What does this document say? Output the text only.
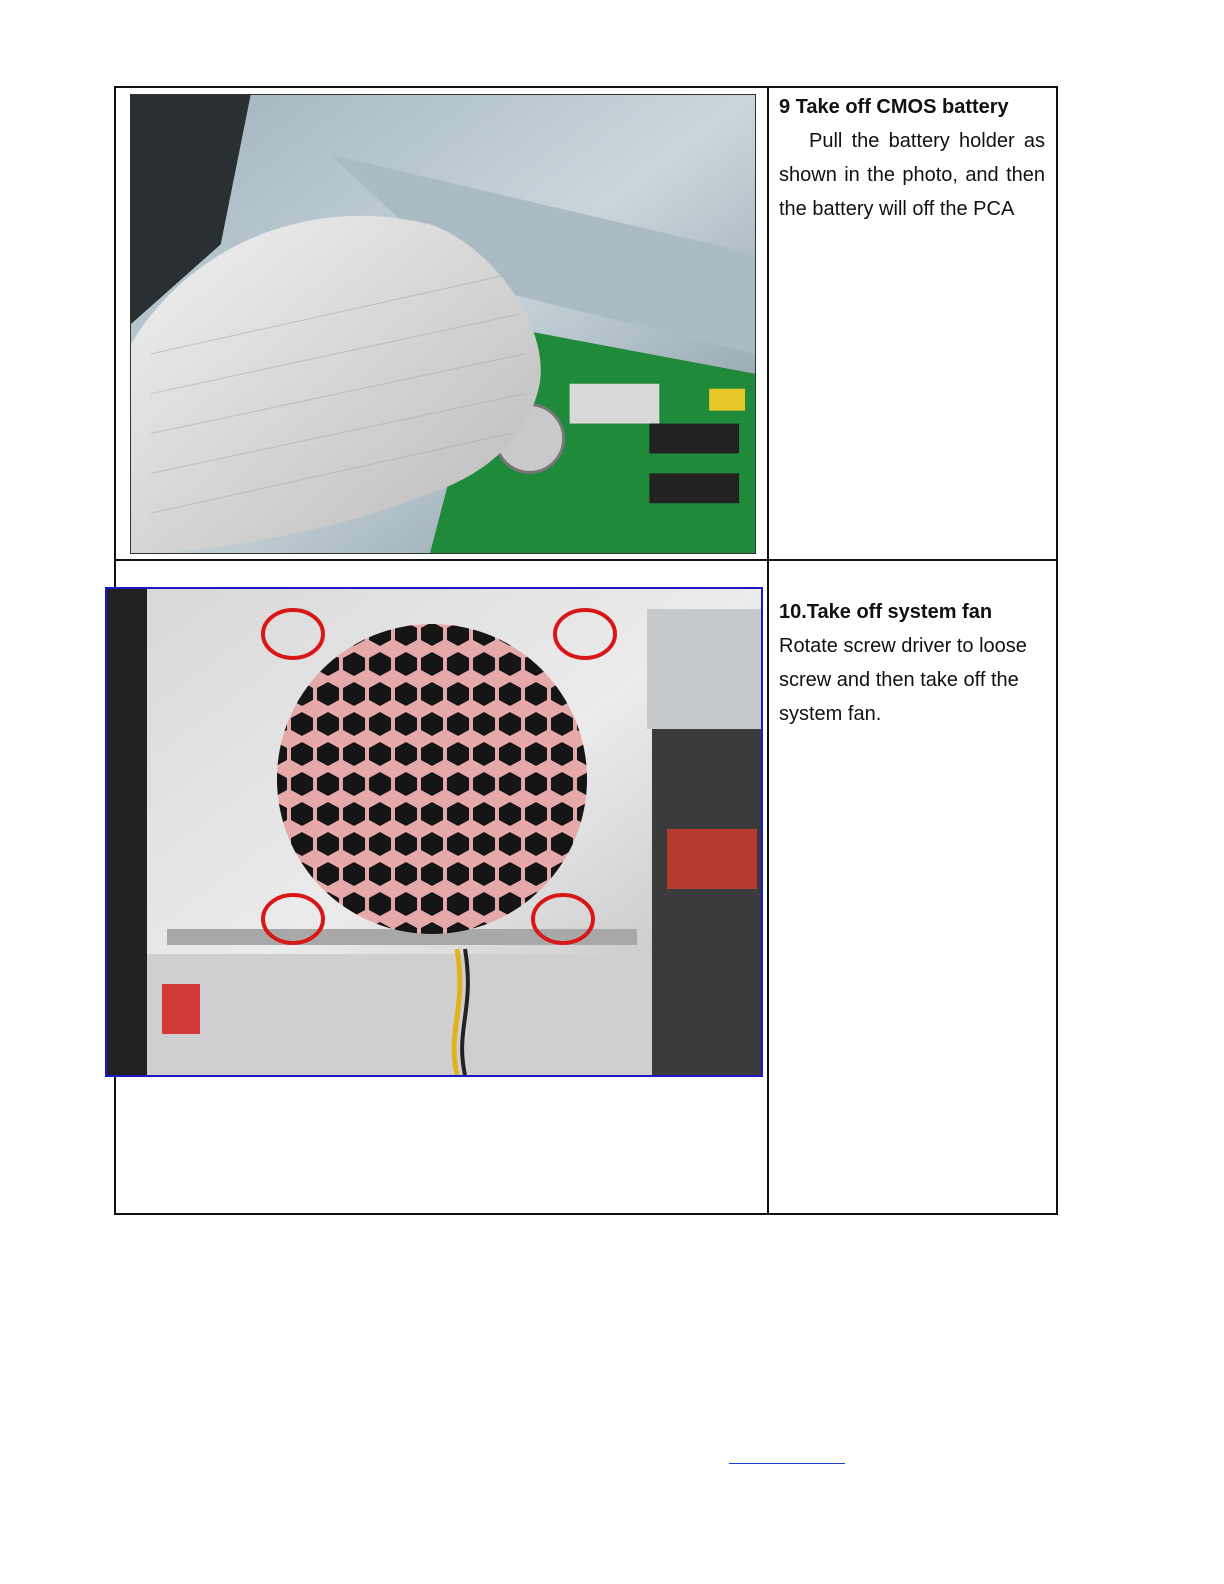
9 Take off CMOS battery

Pull the battery holder as shown in the photo, and then the battery will off the PCA

10.Take off system fan

Rotate screw driver to loose screw and then take off the system fan.
